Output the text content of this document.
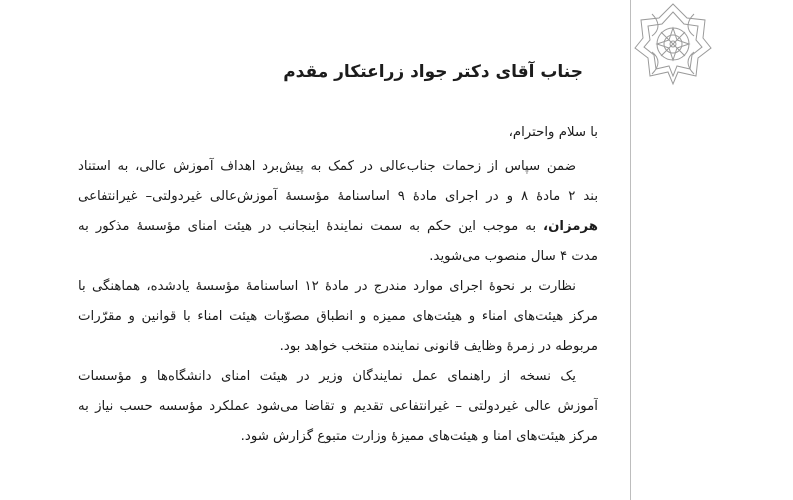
جناب آقای دکتر جواد زراعتکار مقدم
با سلام واحترام،
ضمن سپاس از زحمات جناب‌عالی در کمک به پیش‌برد اهداف آموزش عالی، به استناد
بند ۲ مادهٔ ۸ و در اجرای مادهٔ ۹ اساسنامهٔ مؤسسهٔ آموزش‌عالی غیردولتی– غیرانتفاعی
هرمزان، به موجب این حکم به سمت نمایندهٔ اینجانب در هیئت امنای مؤسسهٔ مذکور به
مدت ۴ سال منصوب می‌شوید.
نظارت بر نحوهٔ اجرای موارد مندرج در مادهٔ ۱۲ اساسنامهٔ مؤسسهٔ یادشده، هماهنگی با
مرکز هیئت‌های امناء و هیئت‌های ممیزه و انطباق مصوّبات هیئت امناء با قوانین و مقرّرات
مربوطه در زمرهٔ وظایف قانونی نماینده منتخب خواهد بود.
یک نسخه از راهنمای عمل نمایندگان وزیر در هیئت امنای دانشگاه‌ها و مؤسسات
آموزش عالی غیردولتی – غیرانتفاعی تقدیم و تقاضا می‌شود عملکرد مؤسسه حسب نیاز به
مرکز هیئت‌های امنا و هیئت‌های ممیزهٔ وزارت متبوع گزارش شود.
